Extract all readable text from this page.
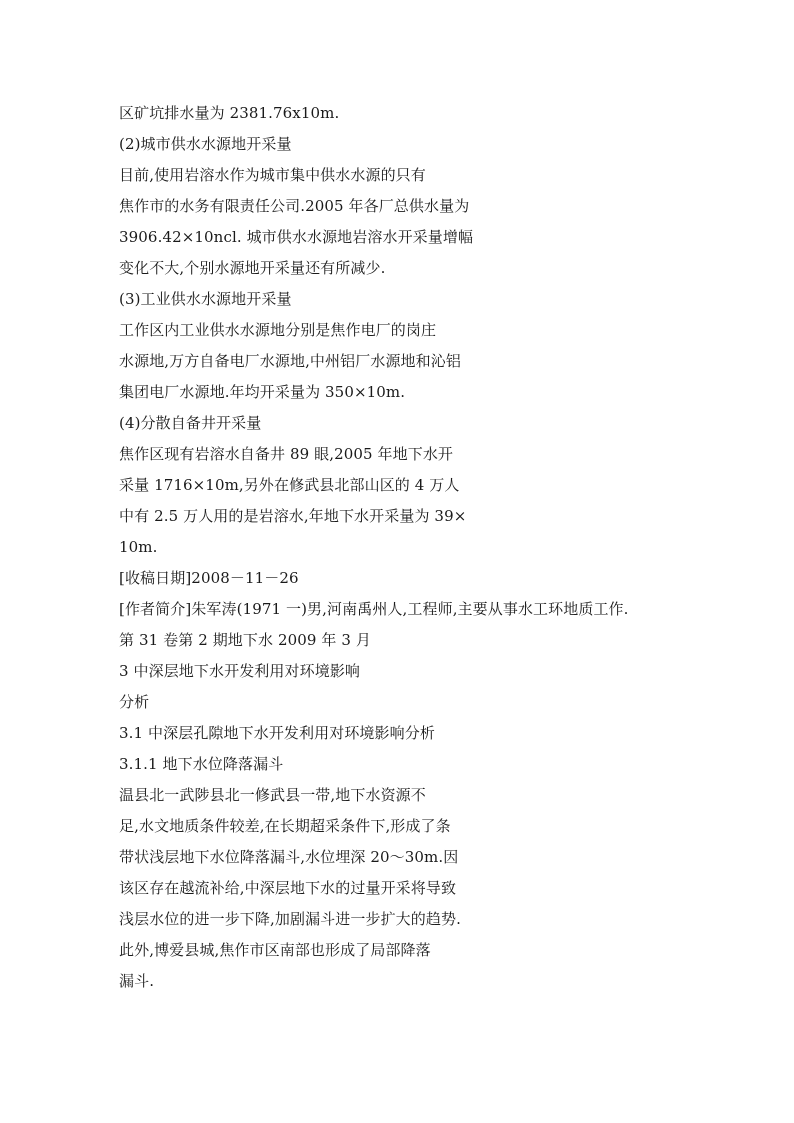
区矿坑排水量为 2381.76x10m.
(2)城市供水水源地开采量
目前,使用岩溶水作为城市集中供水水源的只有
焦作市的水务有限责任公司.2005 年各厂总供水量为
3906.42×10ncl. 城市供水水源地岩溶水开采量增幅
变化不大,个别水源地开采量还有所减少.
(3)工业供水水源地开采量
工作区内工业供水水源地分别是焦作电厂的岗庄
水源地,万方自备电厂水源地,中州铝厂水源地和沁铝
集团电厂水源地.年均开采量为 350×10m.
(4)分散自备井开采量
焦作区现有岩溶水自备井 89 眼,2005 年地下水开
采量 1716×10m,另外在修武县北部山区的 4 万人
中有 2.5 万人用的是岩溶水,年地下水开采量为 39×
10m.
[收稿日期]2008－11－26
[作者简介]朱军涛(1971 一)男,河南禹州人,工程师,主要从事水工环地质工作.
第 31 卷第 2 期地下水 2009 年 3 月
3 中深层地下水开发利用对环境影响
分析
3.1 中深层孔隙地下水开发利用对环境影响分析
3.1.1 地下水位降落漏斗
温县北一武陟县北一修武县一带,地下水资源不
足,水文地质条件较差,在长期超采条件下,形成了条
带状浅层地下水位降落漏斗,水位埋深 20～30m.因
该区存在越流补给,中深层地下水的过量开采将导致
浅层水位的进一步下降,加剧漏斗进一步扩大的趋势.
此外,博爱县城,焦作市区南部也形成了局部降落
漏斗.
